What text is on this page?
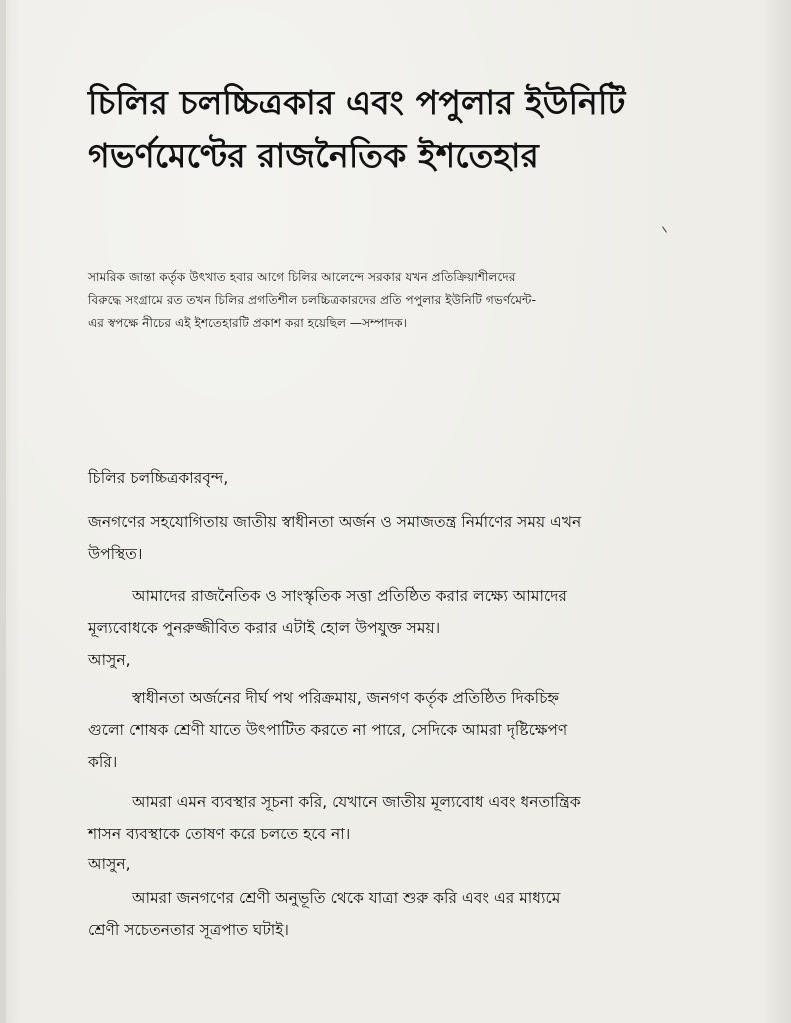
চিলির চলচ্চিত্রকার এবং পপুলার ইউনিটি
গভর্ণমেণ্টের রাজনৈতিক ইশতেহার
সামরিক জান্তা কর্তৃক উৎখাত হবার আগে চিলির আলেন্দে সরকার যখন প্রতিক্রিয়াশীলদের
বিরুদ্ধে সংগ্রামে রত তখন চিলির প্রগতিশীল চলচ্চিত্রকারদের প্রতি পপুলার ইউনিটি গভর্ণমেন্ট-
এর স্বপক্ষে নীচের এই ইশতেহারটি প্রকাশ করা হয়েছিল —সম্পাদক।
চিলির চলচ্চিত্রকারবৃন্দ,
জনগণের সহযোগিতায় জাতীয় স্বাধীনতা অর্জন ও সমাজতন্ত্র নির্মাণের সময় এখন
উপস্থিত।
আমাদের রাজনৈতিক ও সাংস্কৃতিক সত্তা প্রতিষ্ঠিত করার লক্ষ্যে আমাদের
মূল্যবোধকে পুনরুজ্জীবিত করার এটাই হোল উপযুক্ত সময়।
আসুন,
স্বাধীনতা অর্জনের দীর্ঘ পথ পরিক্রমায়, জনগণ কর্তৃক প্রতিষ্ঠিত দিকচিহ্ন
গুলো শোষক শ্রেণী যাতে উৎপাটিত করতে না পারে, সেদিকে আমরা দৃষ্টিক্ষেপণ
করি।
আমরা এমন ব্যবস্থার সূচনা করি, যেখানে জাতীয় মূল্যবোধ এবং ধনতান্ত্রিক
শাসন ব্যবস্থাকে তোষণ করে চলতে হবে না।
আসুন,
আমরা জনগণের শ্রেণী অনুভূতি থেকে যাত্রা শুরু করি এবং এর মাধ্যমে
শ্রেণী সচেতনতার সূত্রপাত ঘটাই।
